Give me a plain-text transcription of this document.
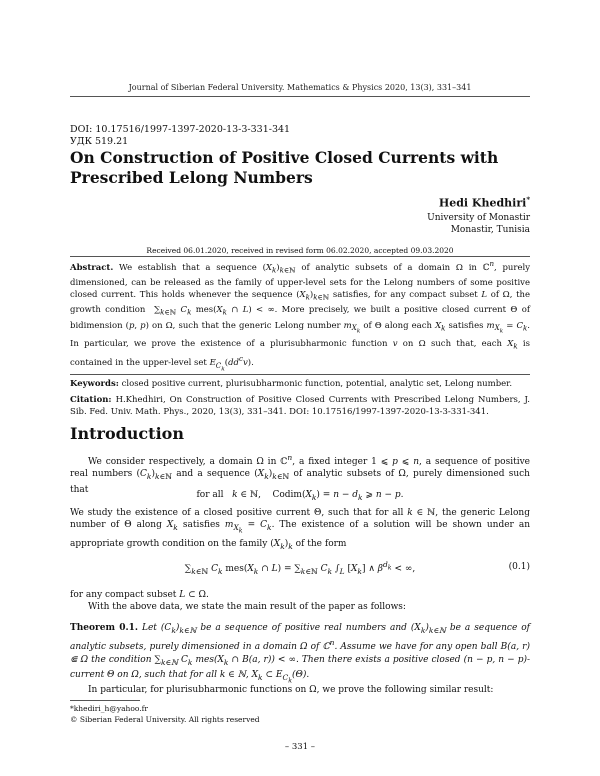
Journal of Siberian Federal University. Mathematics & Physics 2020, 13(3), 331–341
DOI: 10.17516/1997-1397-2020-13-3-331-341
УДК 519.21
On Construction of Positive Closed Currents with Prescribed Lelong Numbers
Hedi Khedhiri*
University of Monastir
Monastir, Tunisia
Received 06.01.2020, received in revised form 06.02.2020, accepted 09.03.2020

Abstract. We establish that a sequence $(X_k)_{k\in ℕ}$ of analytic subsets of a domain Ω in ℂ$^n$, purely dimensioned, can be released as the family of upper-level sets for the Lelong numbers of some positive closed current. This holds whenever the sequence $(X_k)_{k\in ℕ}$ satisfies, for any compact subset L of Ω, the growth condition  $\sum_{k\in ℕ}$ $C_k$ $mes(X_k$ ∩ L) < ∞. More precisely, we built a positive closed current Θ of bidimension (p, p) on Ω, such that the generic Lelong number $m_{X_k}$ of Θ along each $X_k$ satisfies $m_{X_k} = C_k$. In particular, we prove the existence of a plurisubharmonic function v on Ω such that, each $X_k$ is contained in the upper-level set $E_{C_k}(dd^cv)$.

Keywords: closed positive current, plurisubharmonic function, potential, analytic set, Lelong number.

Citation: H.Khedhiri, On Construction of Positive Closed Currents with Prescribed Lelong Numbers, J. Sib. Fed. Univ. Math. Phys., 2020, 13(3), 331–341. DOI: 10.17516/1997-1397-2020-13-3-331-341.

Introduction

We consider respectively, a domain Ω in ℂ$^n$, a fixed integer 1 ⩽ p ⩽ n, a sequence of positive real numbers $(C_k)_{k\in ℕ}$ and a sequence $(X_k)_{k\in ℕ}$ of analytic subsets of Ω, purely dimensioned such that

for all   k ∈ ℕ,    $Codim(X_k) = n - d_k$ ⩾ n − p.

We study the existence of a closed positive current Θ, such that for all k ∈ ℕ, the generic Lelong number of Θ along $X_k$ satisfies $m_{X_k} = C_k$. The existence of a solution will be shown under an appropriate growth condition on the family $(X_k)_k$ of the form

$\sum_{k\in ℕ}$ $C_k$ $mes(X_k$ ∩ $L) = \sum_{k\in ℕ}$ $C_k$ $\int_L$ $[X_k]$ ∧ $\beta^{d_k}$ < ∞,	(0.1)

for any compact subset L ⊂ Ω.

With the above data, we state the main result of the paper as follows:

Theorem 0.1. Let $(C_k)_{k\in ℕ}$ be a sequence of positive real numbers and $(X_k)_{k\in ℕ}$ be a sequence of analytic subsets, purely dimensioned in a domain Ω of ℂ$^n$. Assume we have for any open ball B(a, r) ⋐ Ω the condition $\sum_{k\in ℕ}$ $C_k$ $mes(X_k$ ∩ B(a, r)) < ∞. Then there exists a positive closed (n − p, n − p)-current Θ on Ω, such that for all k ∈ ℕ, $X_k$ ⊂ $E_{C_k}(\Theta)$.

In particular, for plurisubharmonic functions on Ω, we prove the following similar result:

*khediri_h@yahoo.fr
© Siberian Federal University. All rights reserved
– 331 –
